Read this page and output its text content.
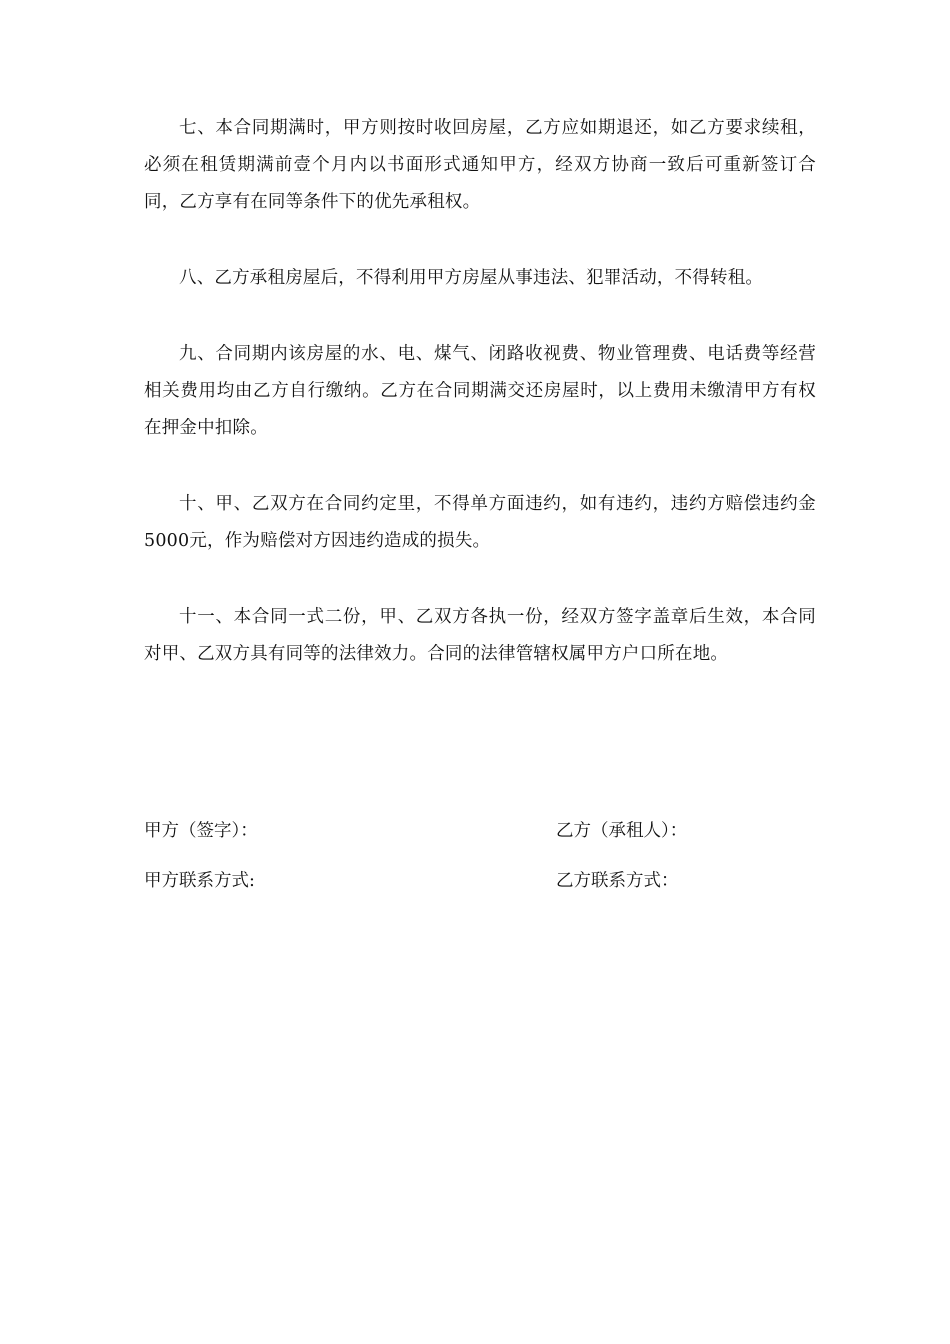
七、本合同期满时，甲方则按时收回房屋，乙方应如期退还，如乙方要求续租，必须在租赁期满前壹个月内以书面形式通知甲方，经双方协商一致后可重新签订合同，乙方享有在同等条件下的优先承租权。

八、乙方承租房屋后，不得利用甲方房屋从事违法、犯罪活动，不得转租。

九、合同期内该房屋的水、电、煤气、闭路收视费、物业管理费、电话费等经营相关费用均由乙方自行缴纳。乙方在合同期满交还房屋时，以上费用未缴清甲方有权在押金中扣除。

十、甲、乙双方在合同约定里，不得单方面违约，如有违约，违约方赔偿违约金5000元，作为赔偿对方因违约造成的损失。

十一、本合同一式二份，甲、乙双方各执一份，经双方签字盖章后生效，本合同对甲、乙双方具有同等的法律效力。合同的法律管辖权属甲方户口所在地。

甲方（签字）：	乙方（承租人）：
甲方联系方式:	乙方联系方式：
